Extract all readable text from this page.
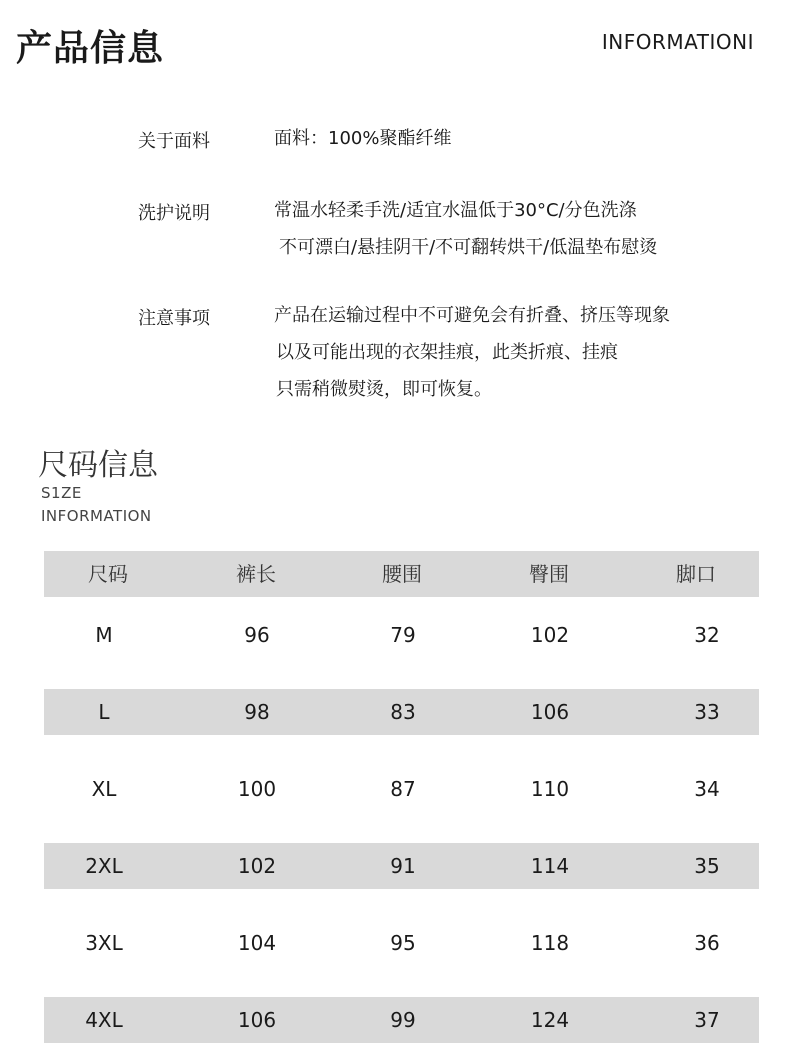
产品信息	INFORMATIONI
关于面料	面料：100%聚酯纤维
洗护说明	常温水轻柔手洗/适宜水温低于30°C/分色洗涤
不可漂白/悬挂阴干/不可翻转烘干/低温垫布慰烫
注意事项	产品在运输过程中不可避免会有折叠、挤压等现象
以及可能出现的衣架挂痕，此类折痕、挂痕
只需稍微熨烫，即可恢复。
尺码信息
S1ZE
INFORMATION
尺码	裤长	腰围	臀围	脚口
M	96	79	102	32
L	98	83	106	33
XL	100	87	110	34
2XL	102	91	114	35
3XL	104	95	118	36
4XL	106	99	124	37
